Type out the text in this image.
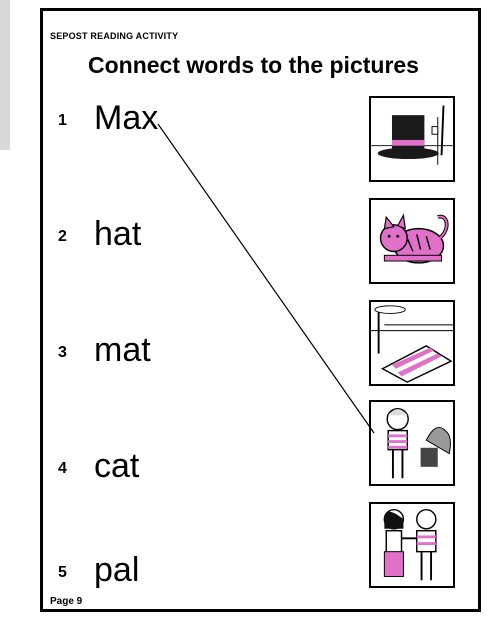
SEPOST READING ACTIVITY
Connect words to the pictures
1 Max
2 hat
3 mat
4 cat
5 pal
Page 9
